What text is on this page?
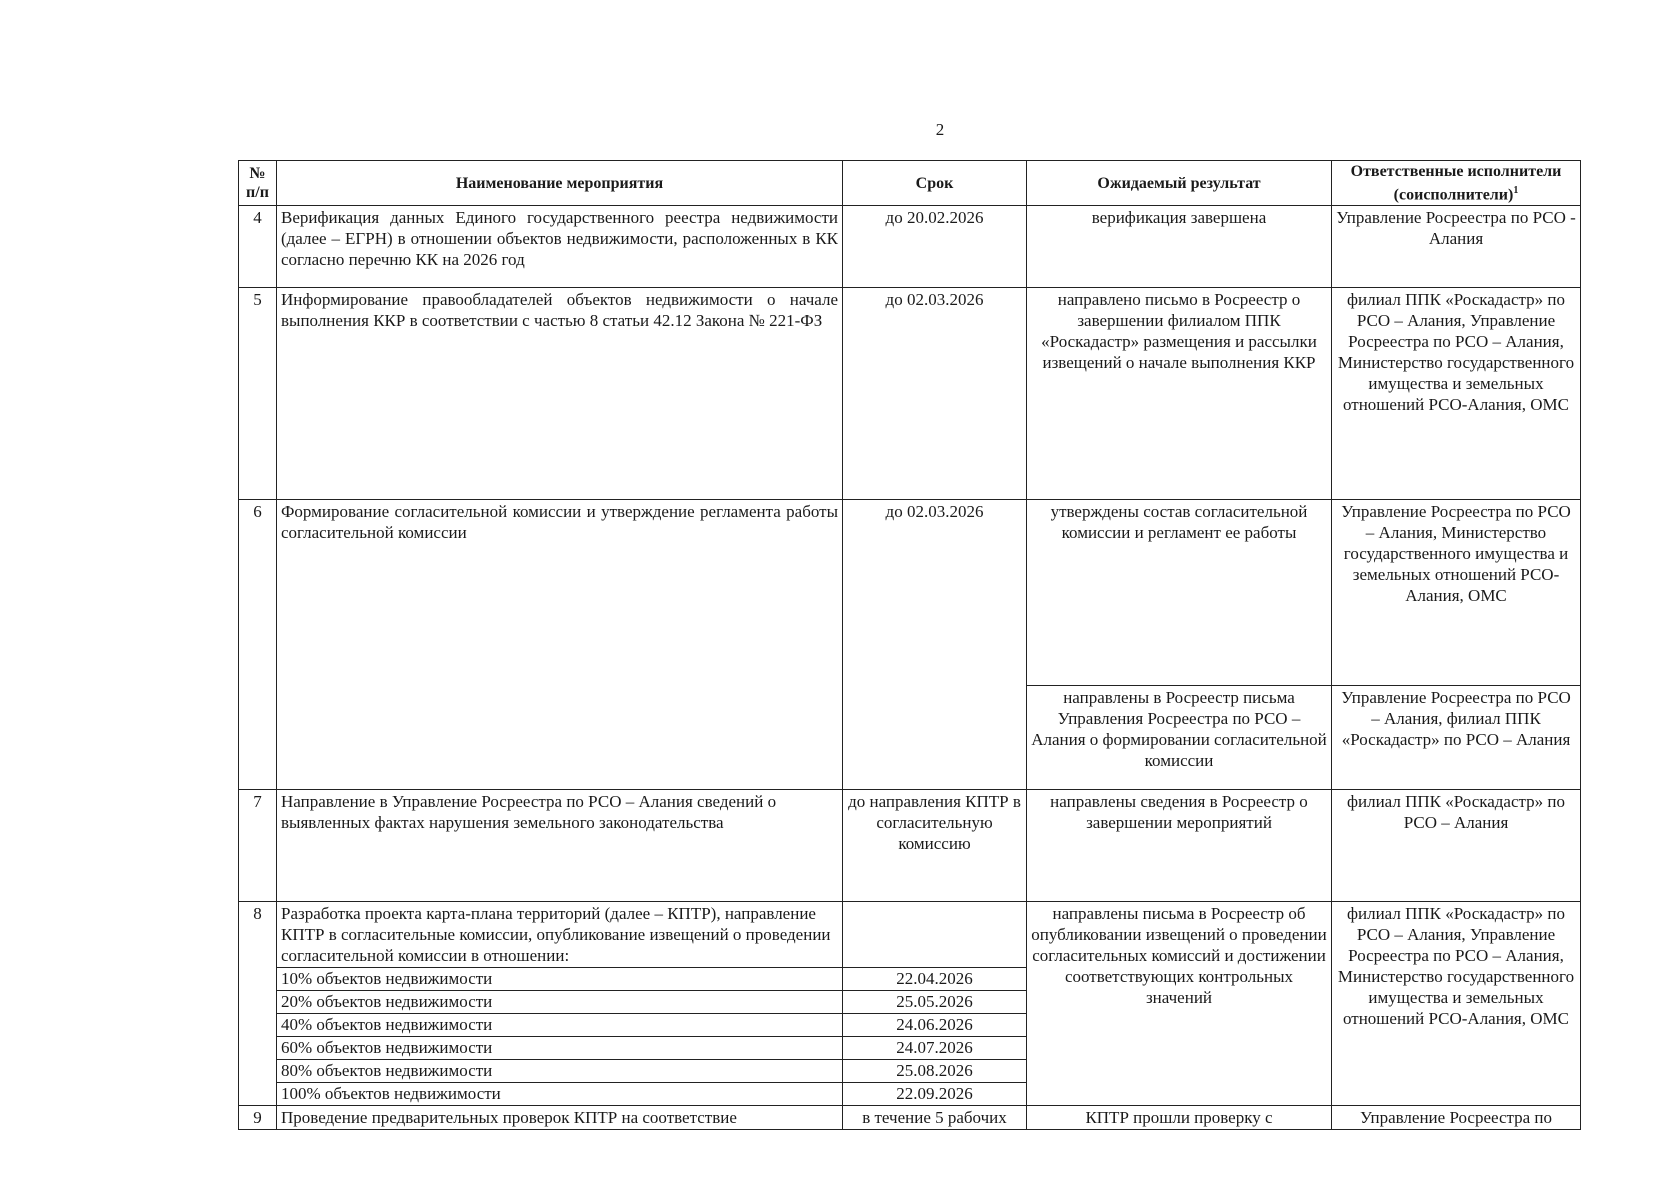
2
№ п/п	Наименование мероприятия	Срок	Ожидаемый результат	Ответственные исполнители (соисполнители)$^1$
4	Верификация данных Единого государственного реестра недвижимости (далее – ЕГРН) в отношении объектов недвижимости, расположенных в КК согласно перечню КК на 2026 год	до 20.02.2026	верификация завершена	Управление Росреестра по РСО - Алания
5	Информирование правообладателей объектов недвижимости о начале выполнения ККР в соответствии с частью 8 статьи 42.12 Закона № 221-ФЗ	до 02.03.2026	направлено письмо в Росреестр о завершении филиалом ППК «Роскадастр» размещения и рассылки извещений о начале выполнения ККР	филиал ППК «Роскадастр» по РСО – Алания, Управление Росреестра по РСО – Алания, Министерство государственного имущества и земельных отношений РСО-Алания, ОМС
6	Формирование согласительной комиссии и утверждение регламента работы согласительной комиссии	до 02.03.2026	утверждены состав согласительной комиссии и регламент ее работы	Управление Росреестра по РСО – Алания, Министерство государственного имущества и земельных отношений РСО-Алания, ОМС
			направлены в Росреестр письма Управления Росреестра по РСО – Алания о формировании согласительной комиссии	Управление Росреестра по РСО – Алания, филиал ППК «Роскадастр» по РСО – Алания
7	Направление в Управление Росреестра по РСО – Алания сведений о выявленных фактах нарушения земельного законодательства	до направления КПТР в согласительную комиссию	направлены сведения в Росреестр о завершении мероприятий	филиал ППК «Роскадастр» по РСО – Алания
8	Разработка проекта карта-плана территорий (далее – КПТР), направление КПТР в согласительные комиссии, опубликование извещений о проведении согласительной комиссии в отношении:		направлены письма в Росреестр об опубликовании извещений о проведении согласительных комиссий и достижении соответствующих контрольных значений	филиал ППК «Роскадастр» по РСО – Алания, Управление Росреестра по РСО – Алания, Министерство государственного имущества и земельных отношений РСО-Алания, ОМС
	10% объектов недвижимости	22.04.2026		
	20% объектов недвижимости	25.05.2026		
	40% объектов недвижимости	24.06.2026		
	60% объектов недвижимости	24.07.2026		
	80% объектов недвижимости	25.08.2026		
	100% объектов недвижимости	22.09.2026		
9	Проведение предварительных проверок КПТР на соответствие	в течение 5 рабочих	КПТР прошли проверку с	Управление Росреестра по
